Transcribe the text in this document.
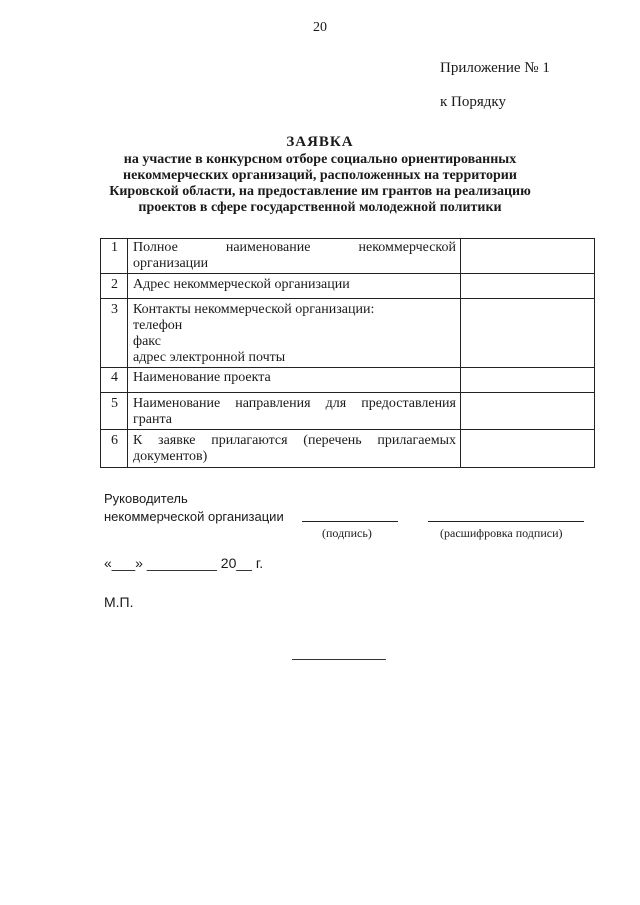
20
Приложение № 1
к Порядку
ЗАЯВКА
на участие в конкурсном отборе социально ориентированных
некоммерческих организаций, расположенных на территории
Кировской области, на предоставление им грантов на реализацию
проектов в сфере государственной молодежной политики
1	Полное наименование некоммерческой
организации	

2	Адрес некоммерческой организации	

3	Контакты некоммерческой организации:
телефон
факс
адрес электронной почты	

4	Наименование проекта	

5	Наименование направления для предоставления
гранта	

6	К заявке прилагаются (перечень прилагаемых
документов)	

Руководитель
некоммерческой организации
(подпись)	(расшифровка подписи)
«___» _________ 20__ г.
М.П.
